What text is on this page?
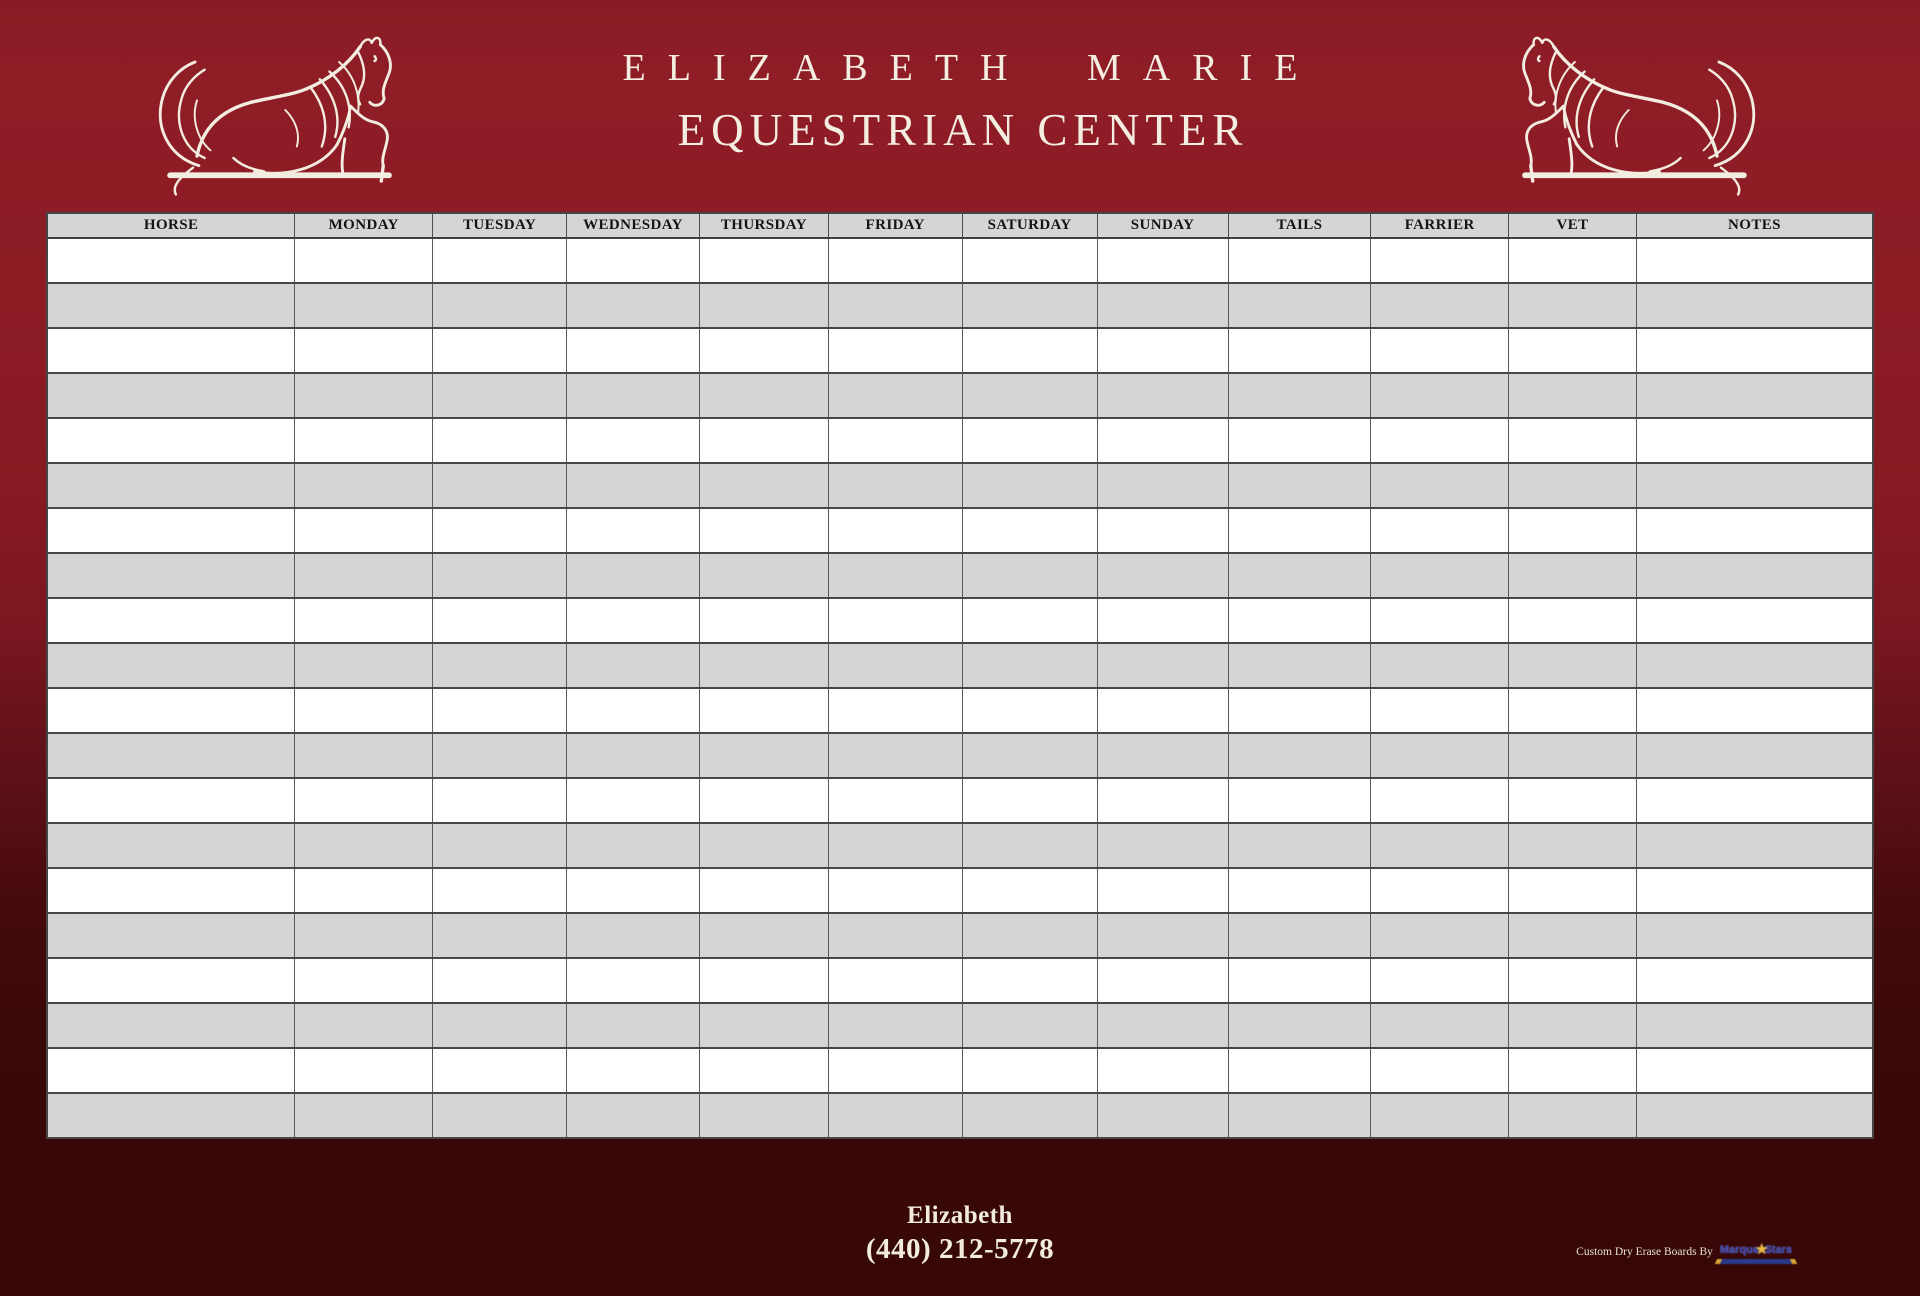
ELIZABETH MARIE
EQUESTRIAN CENTER
HORSE	MONDAY	TUESDAY	WEDNESDAY	THURSDAY	FRIDAY	SATURDAY	SUNDAY	TAILS	FARRIER	VET	NOTES

Elizabeth
(440) 212-5778	Custom Dry Erase Boards By Marque
★
Stars
